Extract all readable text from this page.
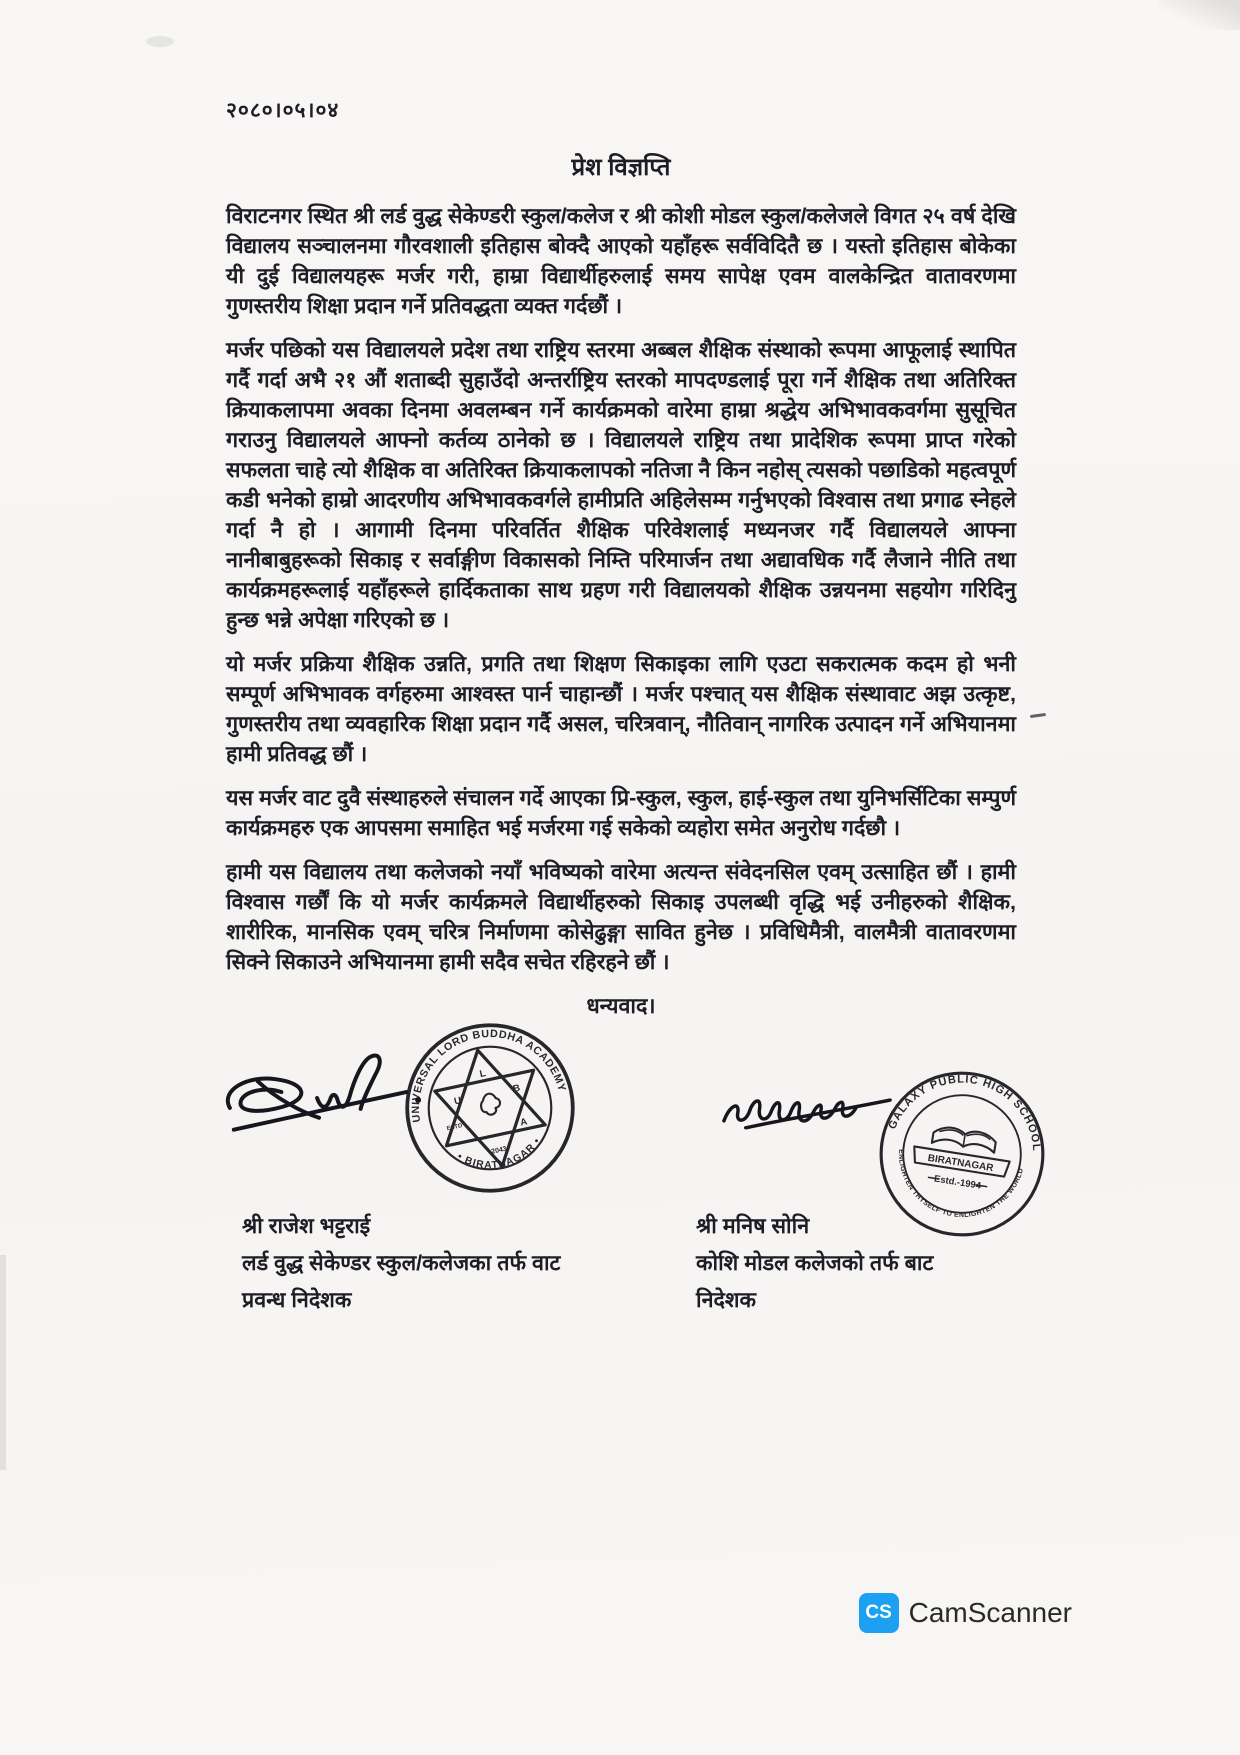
२०८०।०५।०४
प्रेश विज्ञप्ति

विराटनगर स्थित श्री लर्ड वुद्ध सेकेण्डरी स्कुल/कलेज र श्री कोशी मोडल स्कुल/कलेजले विगत २५ वर्ष देखि विद्यालय सञ्चालनमा गौरवशाली इतिहास बोक्दै आएको यहाँहरू सर्वविदितै छ । यस्तो इतिहास बोकेका यी दुई विद्यालयहरू मर्जर गरी, हाम्रा विद्यार्थीहरुलाई समय सापेक्ष एवम वालकेन्द्रित वातावरणमा गुणस्तरीय शिक्षा प्रदान गर्ने प्रतिवद्धता व्यक्त गर्दछौं ।

मर्जर पछिको यस विद्यालयले प्रदेश तथा राष्ट्रिय स्तरमा अब्बल शैक्षिक संस्थाको रूपमा आफूलाई स्थापित गर्दै गर्दा अभै २१ औं शताब्दी सुहाउँदो अन्तर्राष्ट्रिय स्तरको मापदण्डलाई पूरा गर्ने शैक्षिक तथा अतिरिक्त क्रियाकलापमा अवका दिनमा अवलम्बन गर्ने कार्यक्रमको वारेमा हाम्रा श्रद्धेय अभिभावकवर्गमा सुसूचित गराउनु विद्यालयले आफ्नो कर्तव्य ठानेको छ । विद्यालयले राष्ट्रिय तथा प्रादेशिक रूपमा प्राप्त गरेको सफलता चाहे त्यो शैक्षिक वा अतिरिक्त क्रियाकलापको नतिजा नै किन नहोस् त्यसको पछाडिको महत्वपूर्ण कडी भनेको हाम्रो आदरणीय अभिभावकवर्गले हामीप्रति अहिलेसम्म गर्नुभएको विश्वास तथा प्रगाढ स्नेहले गर्दा नै हो । आगामी दिनमा परिवर्तित शैक्षिक परिवेशलाई मध्यनजर गर्दै विद्यालयले आफ्ना नानीबाबुहरूको सिकाइ र सर्वाङ्गीण विकासको निम्ति परिमार्जन तथा अद्यावधिक गर्दै लैजाने नीति तथा कार्यक्रमहरूलाई यहाँहरूले हार्दिकताका साथ ग्रहण गरी विद्यालयको शैक्षिक उन्नयनमा सहयोग गरिदिनु हुन्छ भन्ने अपेक्षा गरिएको छ ।

यो मर्जर प्रक्रिया शैक्षिक उन्नति, प्रगति तथा शिक्षण सिकाइका लागि एउटा सकरात्मक कदम हो भनी सम्पूर्ण अभिभावक वर्गहरुमा आश्वस्त पार्न चाहान्छौं । मर्जर पश्चात् यस शैक्षिक संस्थावाट अझ उत्कृष्ट, गुणस्तरीय तथा व्यवहारिक शिक्षा प्रदान गर्दै असल, चरित्रवान्, नौतिवान् नागरिक उत्पादन गर्ने अभियानमा हामी प्रतिवद्ध छौं ।

यस मर्जर वाट दुवै संस्थाहरुले संचालन गर्दे आएका प्रि-स्कुल, स्कुल, हाई-स्कुल तथा युनिभर्सिटिका सम्पुर्ण कार्यक्रमहरु एक आपसमा समाहित भई मर्जरमा गई सकेको व्यहोरा समेत अनुरोध गर्दछौ ।

हामी यस विद्यालय तथा कलेजको नयाँ भविष्यको वारेमा अत्यन्त संवेदनसिल एवम् उत्साहित छौं । हामी विश्वास गर्छौं कि यो मर्जर कार्यक्रमले विद्यार्थीहरुको सिकाइ उपलब्धी वृद्धि भई उनीहरुको शैक्षिक, शारीरिक, मानसिक एवम् चरित्र निर्माणमा कोसेढुङ्गा सावित हुनेछ । प्रविधिमैत्री, वालमैत्री वातावरणमा सिक्ने सिकाउने अभियानमा हामी सदैव सचेत रहिरहने छौं ।

धन्यवाद।
UNIVERSAL LORD BUDDHA ACADEMY
• BIRATNAGAR •
U
L
B
A
ESTD
2043
GALAXY PUBLIC HIGH SCHOOL
ENLIGHTEN THYSELF TO ENLIGHTEN THE WORLD
BIRATNAGAR
Estd.-1994
श्री राजेश भट्टराई
लर्ड वुद्ध सेकेण्डर स्कुल/कलेजका तर्फ वाट
प्रवन्ध निदेशक
श्री मनिष सोनि
कोशि मोडल कलेजको तर्फ बाट
निदेशक
CS CamScanner
